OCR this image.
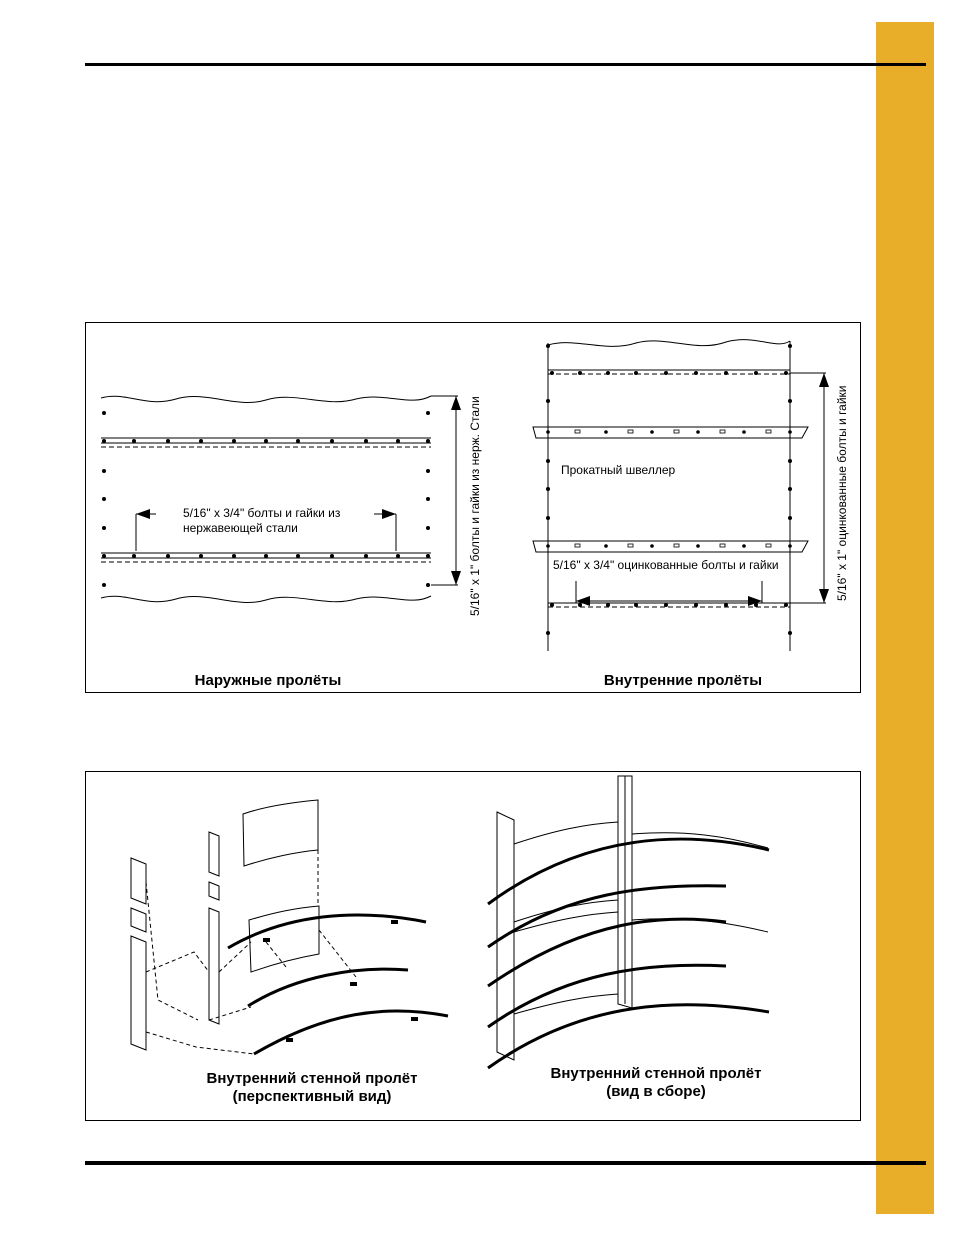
5/16" x 3/4" болты и гайки из
нержавеющей стали	5/16" x 1" болты и гайки из нерж. Стали	Прокатный швеллер
5/16" x 3/4" оцинкованные болты и гайки	5/16" x 1" оцинкованные болты и гайки
Наружные пролёты	Внутренние пролёты
Внутренний стенной пролёт
(перспективный вид)
Внутренний стенной пролёт
(вид в сборе)
